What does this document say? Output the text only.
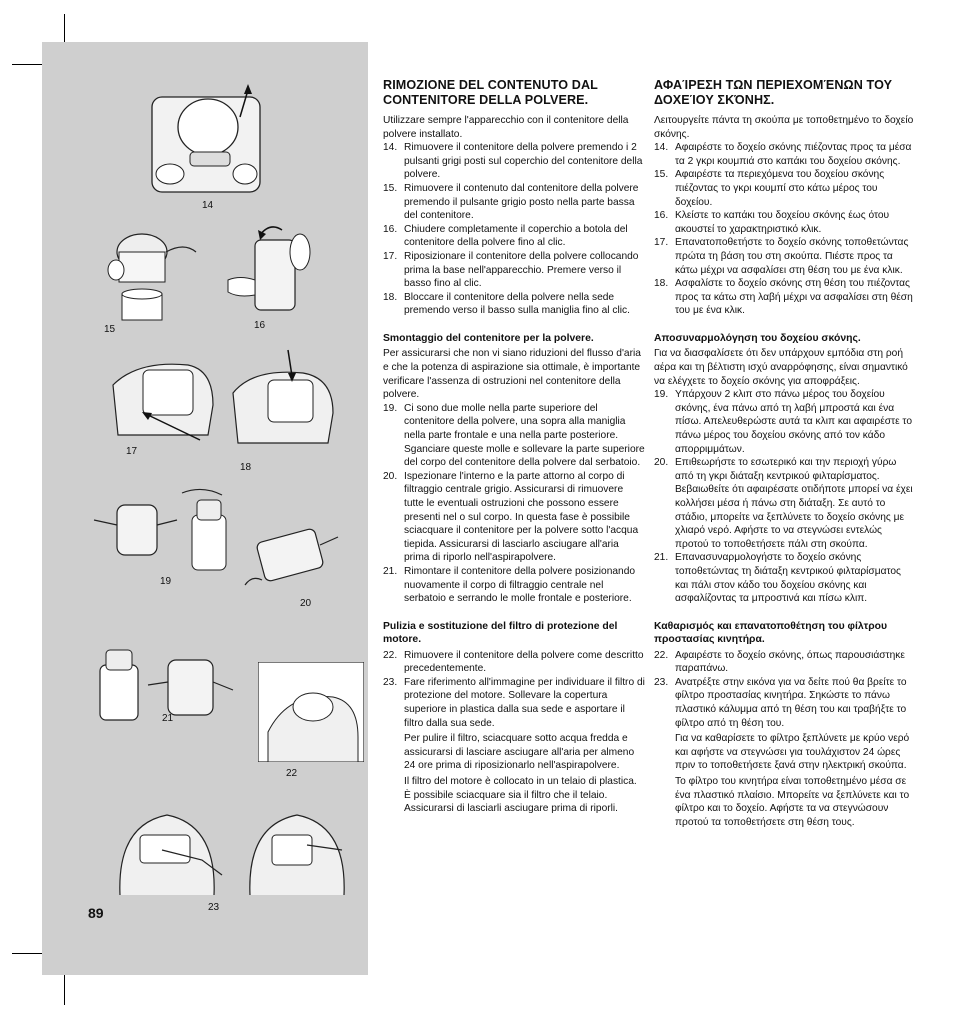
14
15	16
17
18
19
20
21
22
23
89
RIMOZIONE DEL CONTENUTO DAL CONTENITORE DELLA POLVERE.

Utilizzare sempre l'apparecchio con il contenitore della polvere installato.

14. Rimuovere il contenitore della polvere premendo i 2 pulsanti grigi posti sul coperchio del contenitore della polvere.
15. Rimuovere il contenuto dal contenitore della polvere premendo il pulsante grigio posto nella parte bassa del contenitore.
16. Chiudere completamente il coperchio a botola del contenitore della polvere fino al clic.
17. Riposizionare il contenitore della polvere collocando prima la base nell'apparecchio. Premere verso il basso fino al clic.
18. Bloccare il contenitore della polvere nella sede premendo verso il basso sulla maniglia fino al clic.
Smontaggio del contenitore per la polvere.

Per assicurarsi che non vi siano riduzioni del flusso d'aria e che la potenza di aspirazione sia ottimale, è importante verificare l'assenza di ostruzioni nel contenitore della polvere.

19. Ci sono due molle nella parte superiore del contenitore della polvere, una sopra alla maniglia nella parte frontale e una nella parte posteriore. Sganciare queste molle e sollevare la parte superiore del corpo del contenitore della polvere dal serbatoio.
20. Ispezionare l'interno e la parte attorno al corpo di filtraggio centrale grigio. Assicurarsi di rimuovere tutte le eventuali ostruzioni che possono essere presenti nel o sul corpo. In questa fase è possibile sciacquare il contenitore per la polvere sotto l'acqua tiepida. Assicurarsi di lasciarlo asciugare all'aria prima di riporlo nell'aspirapolvere.
21. Rimontare il contenitore della polvere posizionando nuovamente il corpo di filtraggio centrale nel serbatoio e serrando le molle frontale e posteriore.
Pulizia e sostituzione del filtro di protezione del motore.
22. Rimuovere il contenitore della polvere come descritto precedentemente.
23. Fare riferimento all'immagine per individuare il filtro di protezione del motore. Sollevare la copertura superiore in plastica dalla sua sede e asportare il filtro dalla sua sede.
Per pulire il filtro, sciacquare sotto acqua fredda e assicurarsi di lasciare asciugare all'aria per almeno 24 ore prima di riposizionarlo nell'aspirapolvere.
Il filtro del motore è collocato in un telaio di plastica. È possibile sciacquare sia il filtro che il telaio. Assicurarsi di lasciarli asciugare prima di riporli.
ΑΦΑΊΡΕΣΗ ΤΩΝ ΠΕΡΙΕΧΟΜΈΝΩΝ ΤΟΥ ΔΟΧΕΊΟΥ ΣΚΌΝΗΣ.

Λειτουργείτε πάντα τη σκούπα με τοποθετημένο το δοχείο σκόνης.

14. Αφαιρέστε το δοχείο σκόνης πιέζοντας προς τα μέσα τα 2 γκρι κουμπιά στο καπάκι του δοχείου σκόνης.
15. Αφαιρέστε τα περιεχόμενα του δοχείου σκόνης πιέζοντας το γκρι κουμπί στο κάτω μέρος του δοχείου.
16. Κλείστε το καπάκι του δοχείου σκόνης έως ότου ακουστεί το χαρακτηριστικό κλικ.
17. Επανατοποθετήστε το δοχείο σκόνης τοποθετώντας πρώτα τη βάση του στη σκούπα. Πιέστε προς τα κάτω μέχρι να ασφαλίσει στη θέση του με ένα κλικ.
18. Ασφαλίστε το δοχείο σκόνης στη θέση του πιέζοντας προς τα κάτω στη λαβή μέχρι να ασφαλίσει στη θέση του με ένα κλικ.
Αποσυναρμολόγηση του δοχείου σκόνης.

Για να διασφαλίσετε ότι δεν υπάρχουν εμπόδια στη ροή αέρα και τη βέλτιστη ισχύ αναρρόφησης, είναι σημαντικό να ελέγχετε το δοχείο σκόνης για αποφράξεις.

19. Υπάρχουν 2 κλιπ στο πάνω μέρος του δοχείου σκόνης, ένα πάνω από τη λαβή μπροστά και ένα πίσω. Απελευθερώστε αυτά τα κλιπ και αφαιρέστε το πάνω μέρος του δοχείου σκόνης από τον κάδο απορριμμάτων.
20. Επιθεωρήστε το εσωτερικό και την περιοχή γύρω από τη γκρι διάταξη κεντρικού φιλταρίσματος. Βεβαιωθείτε ότι αφαιρέσατε οτιδήποτε μπορεί να έχει κολλήσει μέσα ή πάνω στη διάταξη. Σε αυτό το στάδιο, μπορείτε να ξεπλύνετε το δοχείο σκόνης με χλιαρό νερό. Αφήστε το να στεγνώσει εντελώς προτού το τοποθετήσετε πάλι στη σκούπα.
21. Επανασυναρμολογήστε το δοχείο σκόνης τοποθετώντας τη διάταξη κεντρικού φιλταρίσματος και πάλι στον κάδο του δοχείου σκόνης και ασφαλίζοντας τα μπροστινά και πίσω κλιπ.
Καθαρισμός και επανατοποθέτηση του φίλτρου προστασίας κινητήρα.
22. Αφαιρέστε το δοχείο σκόνης, όπως παρουσιάστηκε παραπάνω.
23. Ανατρέξτε στην εικόνα για να δείτε πού θα βρείτε το φίλτρο προστασίας κινητήρα. Σηκώστε το πάνω πλαστικό κάλυμμα από τη θέση του και τραβήξτε το φίλτρο από τη θέση του.
Για να καθαρίσετε το φίλτρο ξεπλύνετε με κρύο νερό και αφήστε να στεγνώσει για τουλάχιστον 24 ώρες πριν το τοποθετήσετε ξανά στην ηλεκτρική σκούπα.
Το φίλτρο του κινητήρα είναι τοποθετημένο μέσα σε ένα πλαστικό πλαίσιο. Μπορείτε να ξεπλύνετε και το φίλτρο και το δοχείο. Αφήστε τα να στεγνώσουν προτού τα τοποθετήσετε στη θέση τους.
